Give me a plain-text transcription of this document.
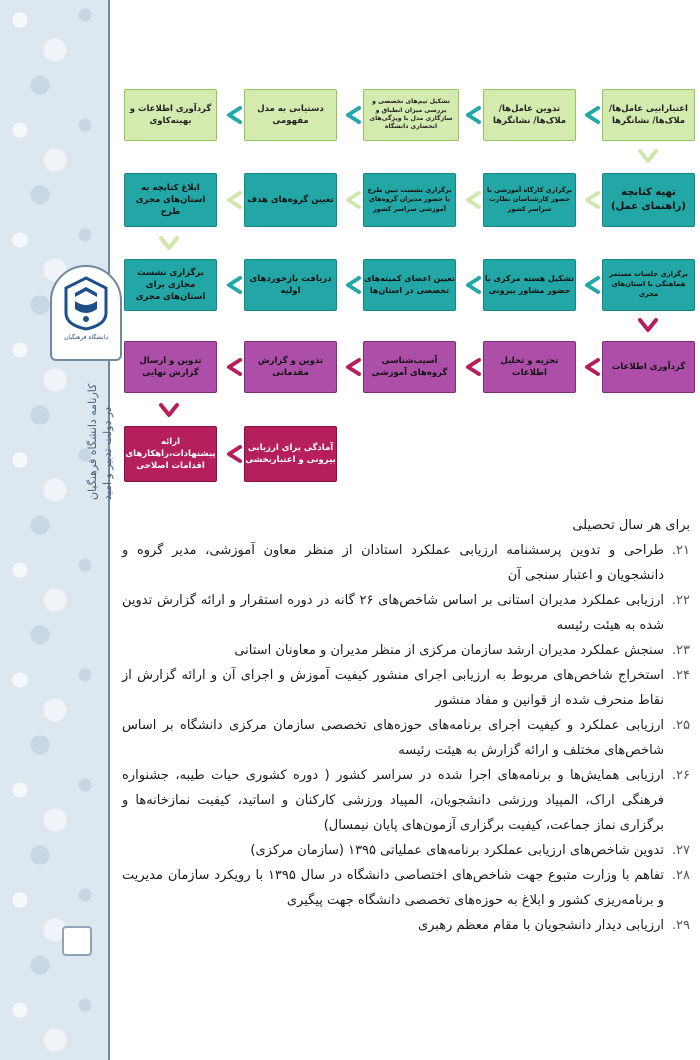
دانشگاه فرهنگیان
کارنامه دانشگاه فرهنگیان در دولت تدبیر و امید
اعتبارابیی عامل‌ها/ ملاک‌ها/ نشانگرها
تدوین عامل‌ها/ ملاک‌ها/ نشانگرها
تشکیل تیم‌های تخصصی و بررسی میزان انطباق و سازگاری مدل با ویژگی‌های انحصاری دانشگاه
دستیابی به مدل مفهومی
گردآوری اطلاعات و بهینه‌کاوی
تهیه کتابچه (راهنمای عمل)
برگزاری کارگاه آموزشی با حضور کارشناسان نظارت سراسر کشور
برگزاری نشست تبین طرح با حضور مدیران گروه‌های آموزشی سراسر کشور
تعیین گروه‌های هدف
ابلاغ کتابچه به استان‌های مجری طرح
برگزاری جلسات مستمر هماهنگی با استان‌های مجری
تشکیل هسته مرکزی با حضور مشاور بیرونی
تعیین اعضای کمیته‌های تخصصی در استان‌ها
دریافت بازخوردهای اولیه
برگزاری نشست مجازی برای استان‌های مجری
گردآوری اطلاعات
تجزیه و تحلیل اطلاعات
آسیب‌شناسی گروه‌های آموزشی
تدوین و گزارش مقدماتی
تدوین و ارسال گزارش نهایی
آمادگی برای ارزیابی بیرونی و اعتباربخشی
ارائه پیشنهادات،راهکارهای اقدامات اصلاحی
برای هر سال تحصیلی
۲۱.
طراحی و تدوین پرسشنامه ارزیابی عملکرد استادان از منظر معاون آموزشی، مدیر گروه و دانشجویان و اعتبار سنجی آن
۲۲.
ارزیابی عملکرد مدیران استانی بر اساس شاخص‌های ۲۶ گانه در دوره استقرار و ارائه گزارش تدوین شده به هیئت رئیسه
۲۳.
سنجش عملکرد مدیران ارشد سازمان مرکزی از منظر مدیران و معاونان استانی
۲۴.
استخراج شاخص‌های مربوط به ارزیابی اجرای منشور کیفیت آموزش و اجرای آن و ارائه گزارش از نقاط منحرف شده از قوانین و مفاد منشور
۲۵.
ارزیابی عملکرد و کیفیت اجرای برنامه‌های حوزه‌های تخصصی سازمان مرکزی دانشگاه بر اساس شاخص‌های مختلف و ارائه گزارش به هیئت رئیسه
۲۶.
ارزیابی همایش‌ها و برنامه‌های اجرا شده در سراسر کشور ( دوره کشوری حیات طیبه، جشنواره فرهنگی اراک، المپیاد ورزشی دانشجویان، المپیاد ورزشی کارکنان و اساتید، کیفیت نمازخانه‌ها و برگزاری نماز جماعت، کیفیت برگزاری آزمون‌های پایان نیمسال)
۲۷.
تدوین شاخص‌های ارزیابی عملکرد برنامه‌های عملیاتی ۱۳۹۵ (سازمان مرکزی)
۲۸.
تفاهم با وزارت متبوع جهت شاخص‌های اختصاصی دانشگاه در سال ۱۳۹۵ با رویکرد سازمان مدیریت و برنامه‌ریزی کشور و ابلاغ به حوزه‌های تخصصی دانشگاه جهت پیگیری
۲۹.
ارزیابی دیدار دانشجویان با مقام معظم رهبری
